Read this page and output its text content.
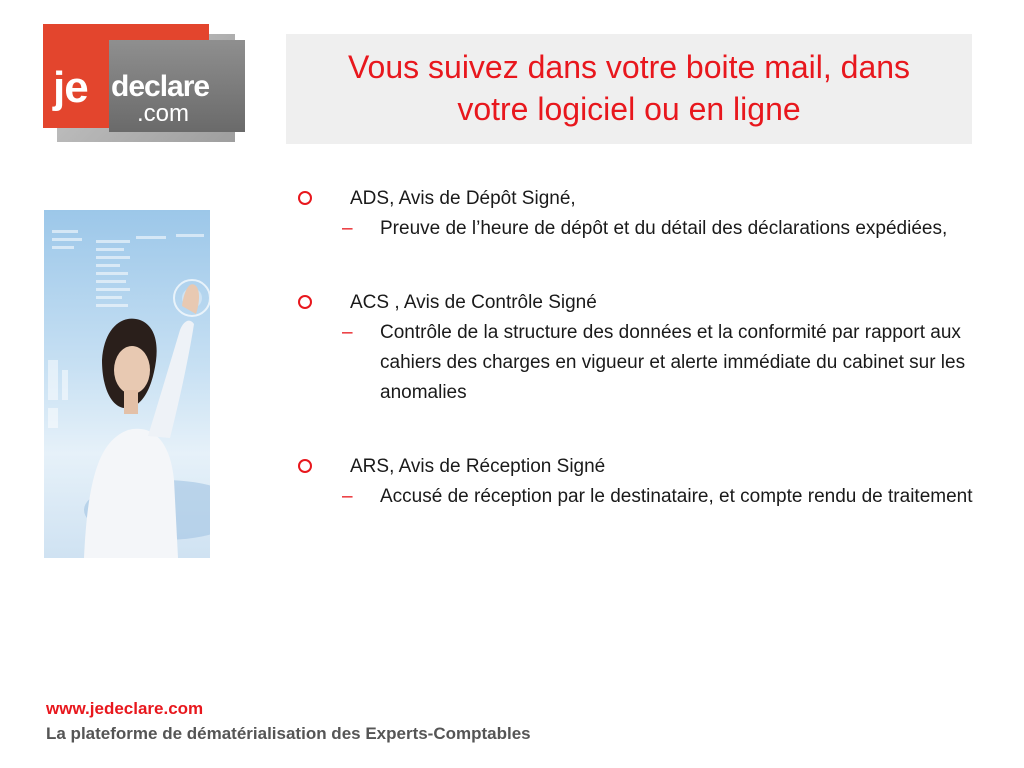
je declare
.com
Vous suivez dans votre boite mail, dans votre logiciel ou en ligne
ADS, Avis de Dépôt Signé,
– Preuve de l’heure de dépôt et du détail des déclarations expédiées,
ACS , Avis de Contrôle Signé
– Contrôle de la structure des données et la conformité par rapport aux cahiers des charges en vigueur et alerte immédiate du cabinet sur les anomalies
ARS, Avis de Réception Signé
– Accusé de réception par le destinataire, et compte rendu de traitement
www.jedeclare.com
La plateforme de dématérialisation des Experts-Comptables
